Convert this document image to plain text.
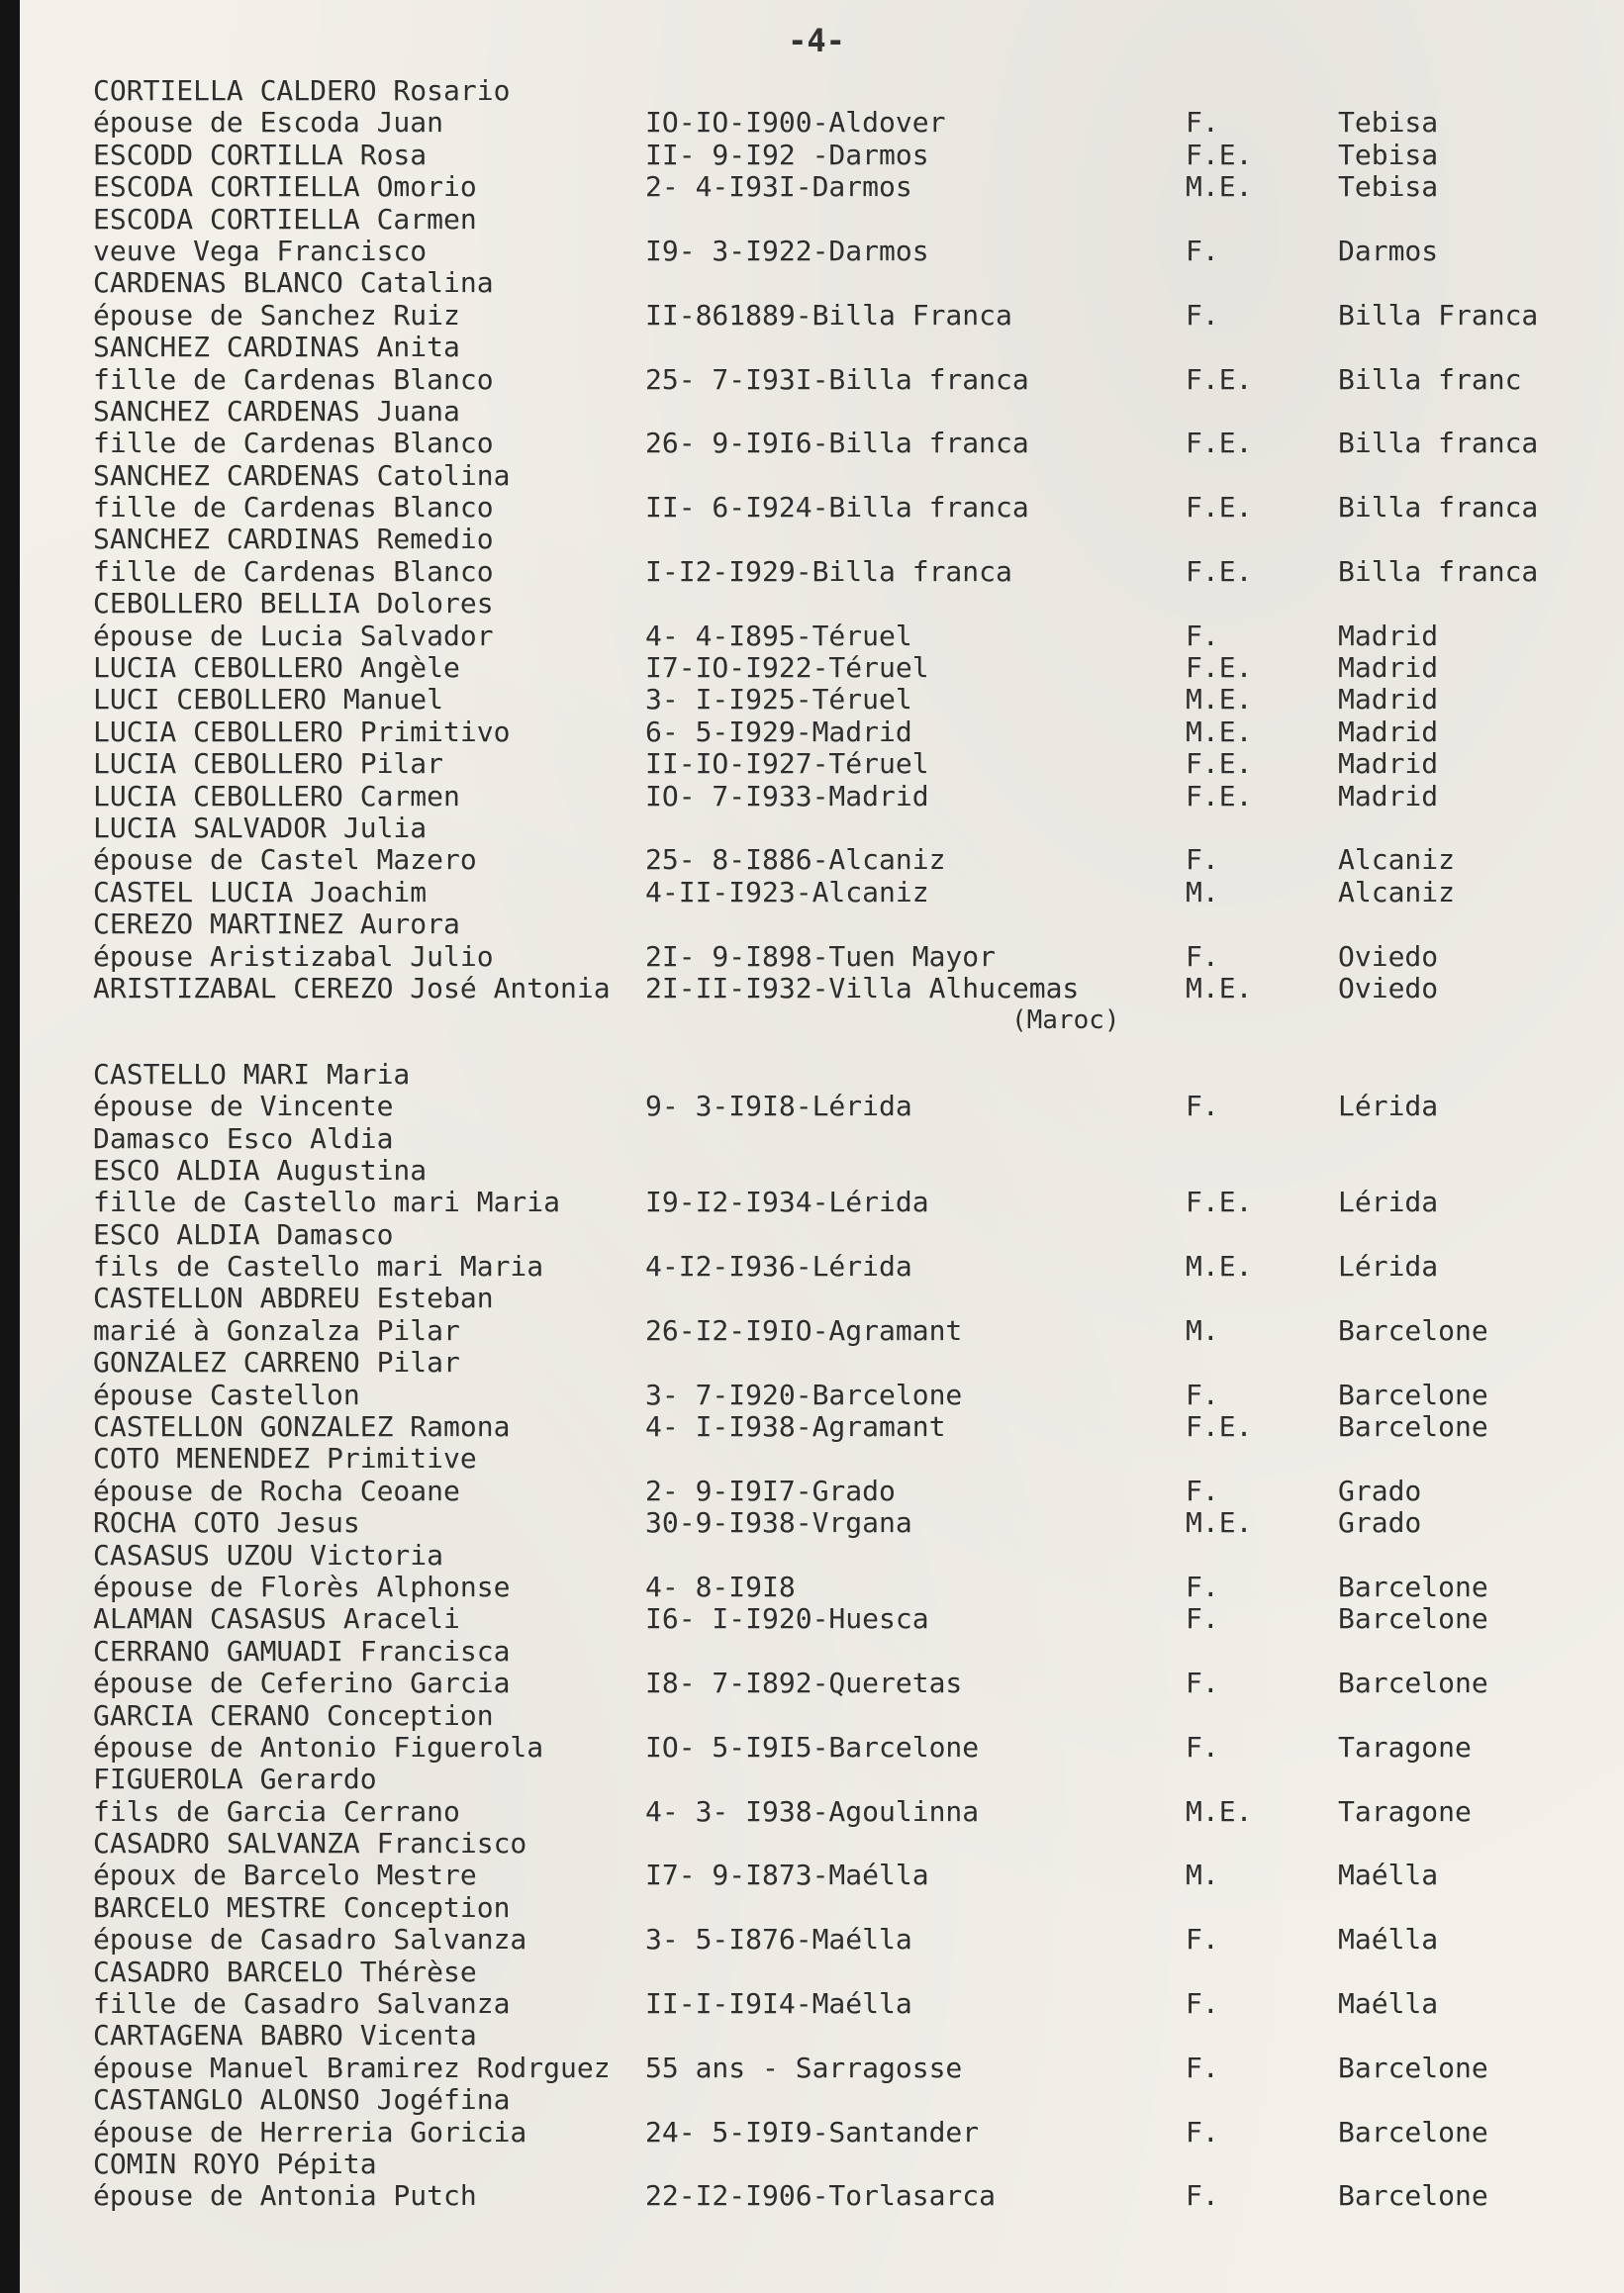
-4-
CORTIELLA CALDERO Rosario
épouse de Escoda Juan	IO-IO-I900-Aldover	F.	Tebisa
ESCODD CORTILLA Rosa	II- 9-I92 -Darmos	F.E.	Tebisa
ESCODA CORTIELLA Omorio	2- 4-I93I-Darmos	M.E.	Tebisa
ESCODA CORTIELLA Carmen
veuve Vega Francisco	I9- 3-I922-Darmos	F.	Darmos
CARDENAS BLANCO Catalina
épouse de Sanchez Ruiz	II-861889-Billa Franca	F.	Billa Franca
SANCHEZ CARDINAS Anita
fille de Cardenas Blanco	25- 7-I93I-Billa franca	F.E.	Billa franc
SANCHEZ CARDENAS Juana
fille de Cardenas Blanco	26- 9-I9I6-Billa franca	F.E.	Billa franca
SANCHEZ CARDENAS Catolina
fille de Cardenas Blanco	II- 6-I924-Billa franca	F.E.	Billa franca
SANCHEZ CARDINAS Remedio
fille de Cardenas Blanco	I-I2-I929-Billa franca	F.E.	Billa franca
CEBOLLERO BELLIA Dolores
épouse de Lucia Salvador	4- 4-I895-Téruel	F.	Madrid
LUCIA CEBOLLERO Angèle	I7-IO-I922-Téruel	F.E.	Madrid
LUCI CEBOLLERO Manuel	3- I-I925-Téruel	M.E.	Madrid
LUCIA CEBOLLERO Primitivo	6- 5-I929-Madrid	M.E.	Madrid
LUCIA CEBOLLERO Pilar	II-IO-I927-Téruel	F.E.	Madrid
LUCIA CEBOLLERO Carmen	IO- 7-I933-Madrid	F.E.	Madrid
LUCIA SALVADOR Julia
épouse de Castel Mazero	25- 8-I886-Alcaniz	F.	Alcaniz
CASTEL LUCIA Joachim	4-II-I923-Alcaniz	M.	Alcaniz
CEREZO MARTINEZ Aurora
épouse Aristizabal Julio	2I- 9-I898-Tuen Mayor	F.	Oviedo
ARISTIZABAL CEREZO José Antonia 2I-II-I932-Villa Alhucemas	M.E.	Oviedo
(Maroc)
CASTELLO MARI Maria
épouse de Vincente	9- 3-I9I8-Lérida	F.	Lérida
Damasco Esco Aldia
ESCO ALDIA Augustina
fille de Castello mari Maria	I9-I2-I934-Lérida	F.E.	Lérida
ESCO ALDIA Damasco
fils de Castello mari Maria	4-I2-I936-Lérida	M.E.	Lérida
CASTELLON ABDREU Esteban
marié à Gonzalza Pilar	26-I2-I9IO-Agramant	M.	Barcelone
GONZALEZ CARRENO Pilar
épouse Castellon	3- 7-I920-Barcelone	F.	Barcelone
CASTELLON GONZALEZ Ramona	4- I-I938-Agramant	F.E.	Barcelone
COTO MENENDEZ Primitive
épouse de Rocha Ceoane	2- 9-I9I7-Grado	F.	Grado
ROCHA COTO Jesus	30-9-I938-Vrgana	M.E.	Grado
CASASUS UZOU Victoria
épouse de Florès Alphonse	4- 8-I9I8	F.	Barcelone
ALAMAN CASASUS Araceli	I6- I-I920-Huesca	F.	Barcelone
CERRANO GAMUADI Francisca
épouse de Ceferino Garcia	I8- 7-I892-Queretas	F.	Barcelone
GARCIA CERANO Conception
épouse de Antonio Figuerola	IO- 5-I9I5-Barcelone	F.	Taragone
FIGUEROLA Gerardo
fils de Garcia Cerrano	4- 3- I938-Agoulinna	M.E.	Taragone
CASADRO SALVANZA Francisco
époux de Barcelo Mestre	I7- 9-I873-Maélla	M.	Maélla
BARCELO MESTRE Conception
épouse de Casadro Salvanza	3- 5-I876-Maélla	F.	Maélla
CASADRO BARCELO Thérèse
fille de Casadro Salvanza	II-I-I9I4-Maélla	F.	Maélla
CARTAGENA BABRO Vicenta
épouse Manuel Bramirez Rodrguez 55 ans - Sarragosse	F.	Barcelone
CASTANGLO ALONSO Jogéfina
épouse de Herreria Goricia	24- 5-I9I9-Santander	F.	Barcelone
COMIN ROYO Pépita
épouse de Antonia Putch	22-I2-I906-Torlasarca	F.	Barcelone
